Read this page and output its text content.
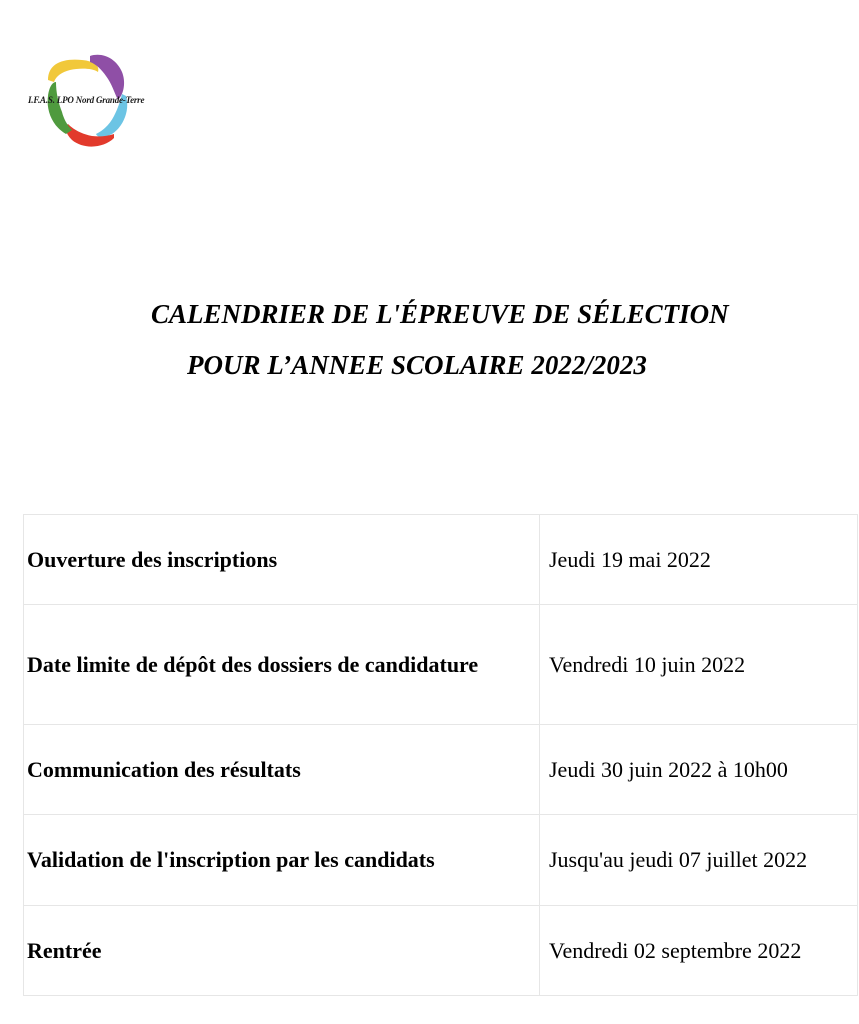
I.F.A.S. LPO Nord Grande-Terre
CALENDRIER DE L'ÉPREUVE DE SÉLECTION
POUR L’ANNEE SCOLAIRE 2022/2023
Ouverture des inscriptions	Jeudi 19 mai 2022
Date limite de dépôt des dossiers de candidature	Vendredi 10 juin 2022
Communication des résultats	Jeudi 30 juin 2022 à 10h00
Validation de l'inscription par les candidats	Jusqu'au jeudi 07 juillet 2022
Rentrée	Vendredi 02 septembre 2022
